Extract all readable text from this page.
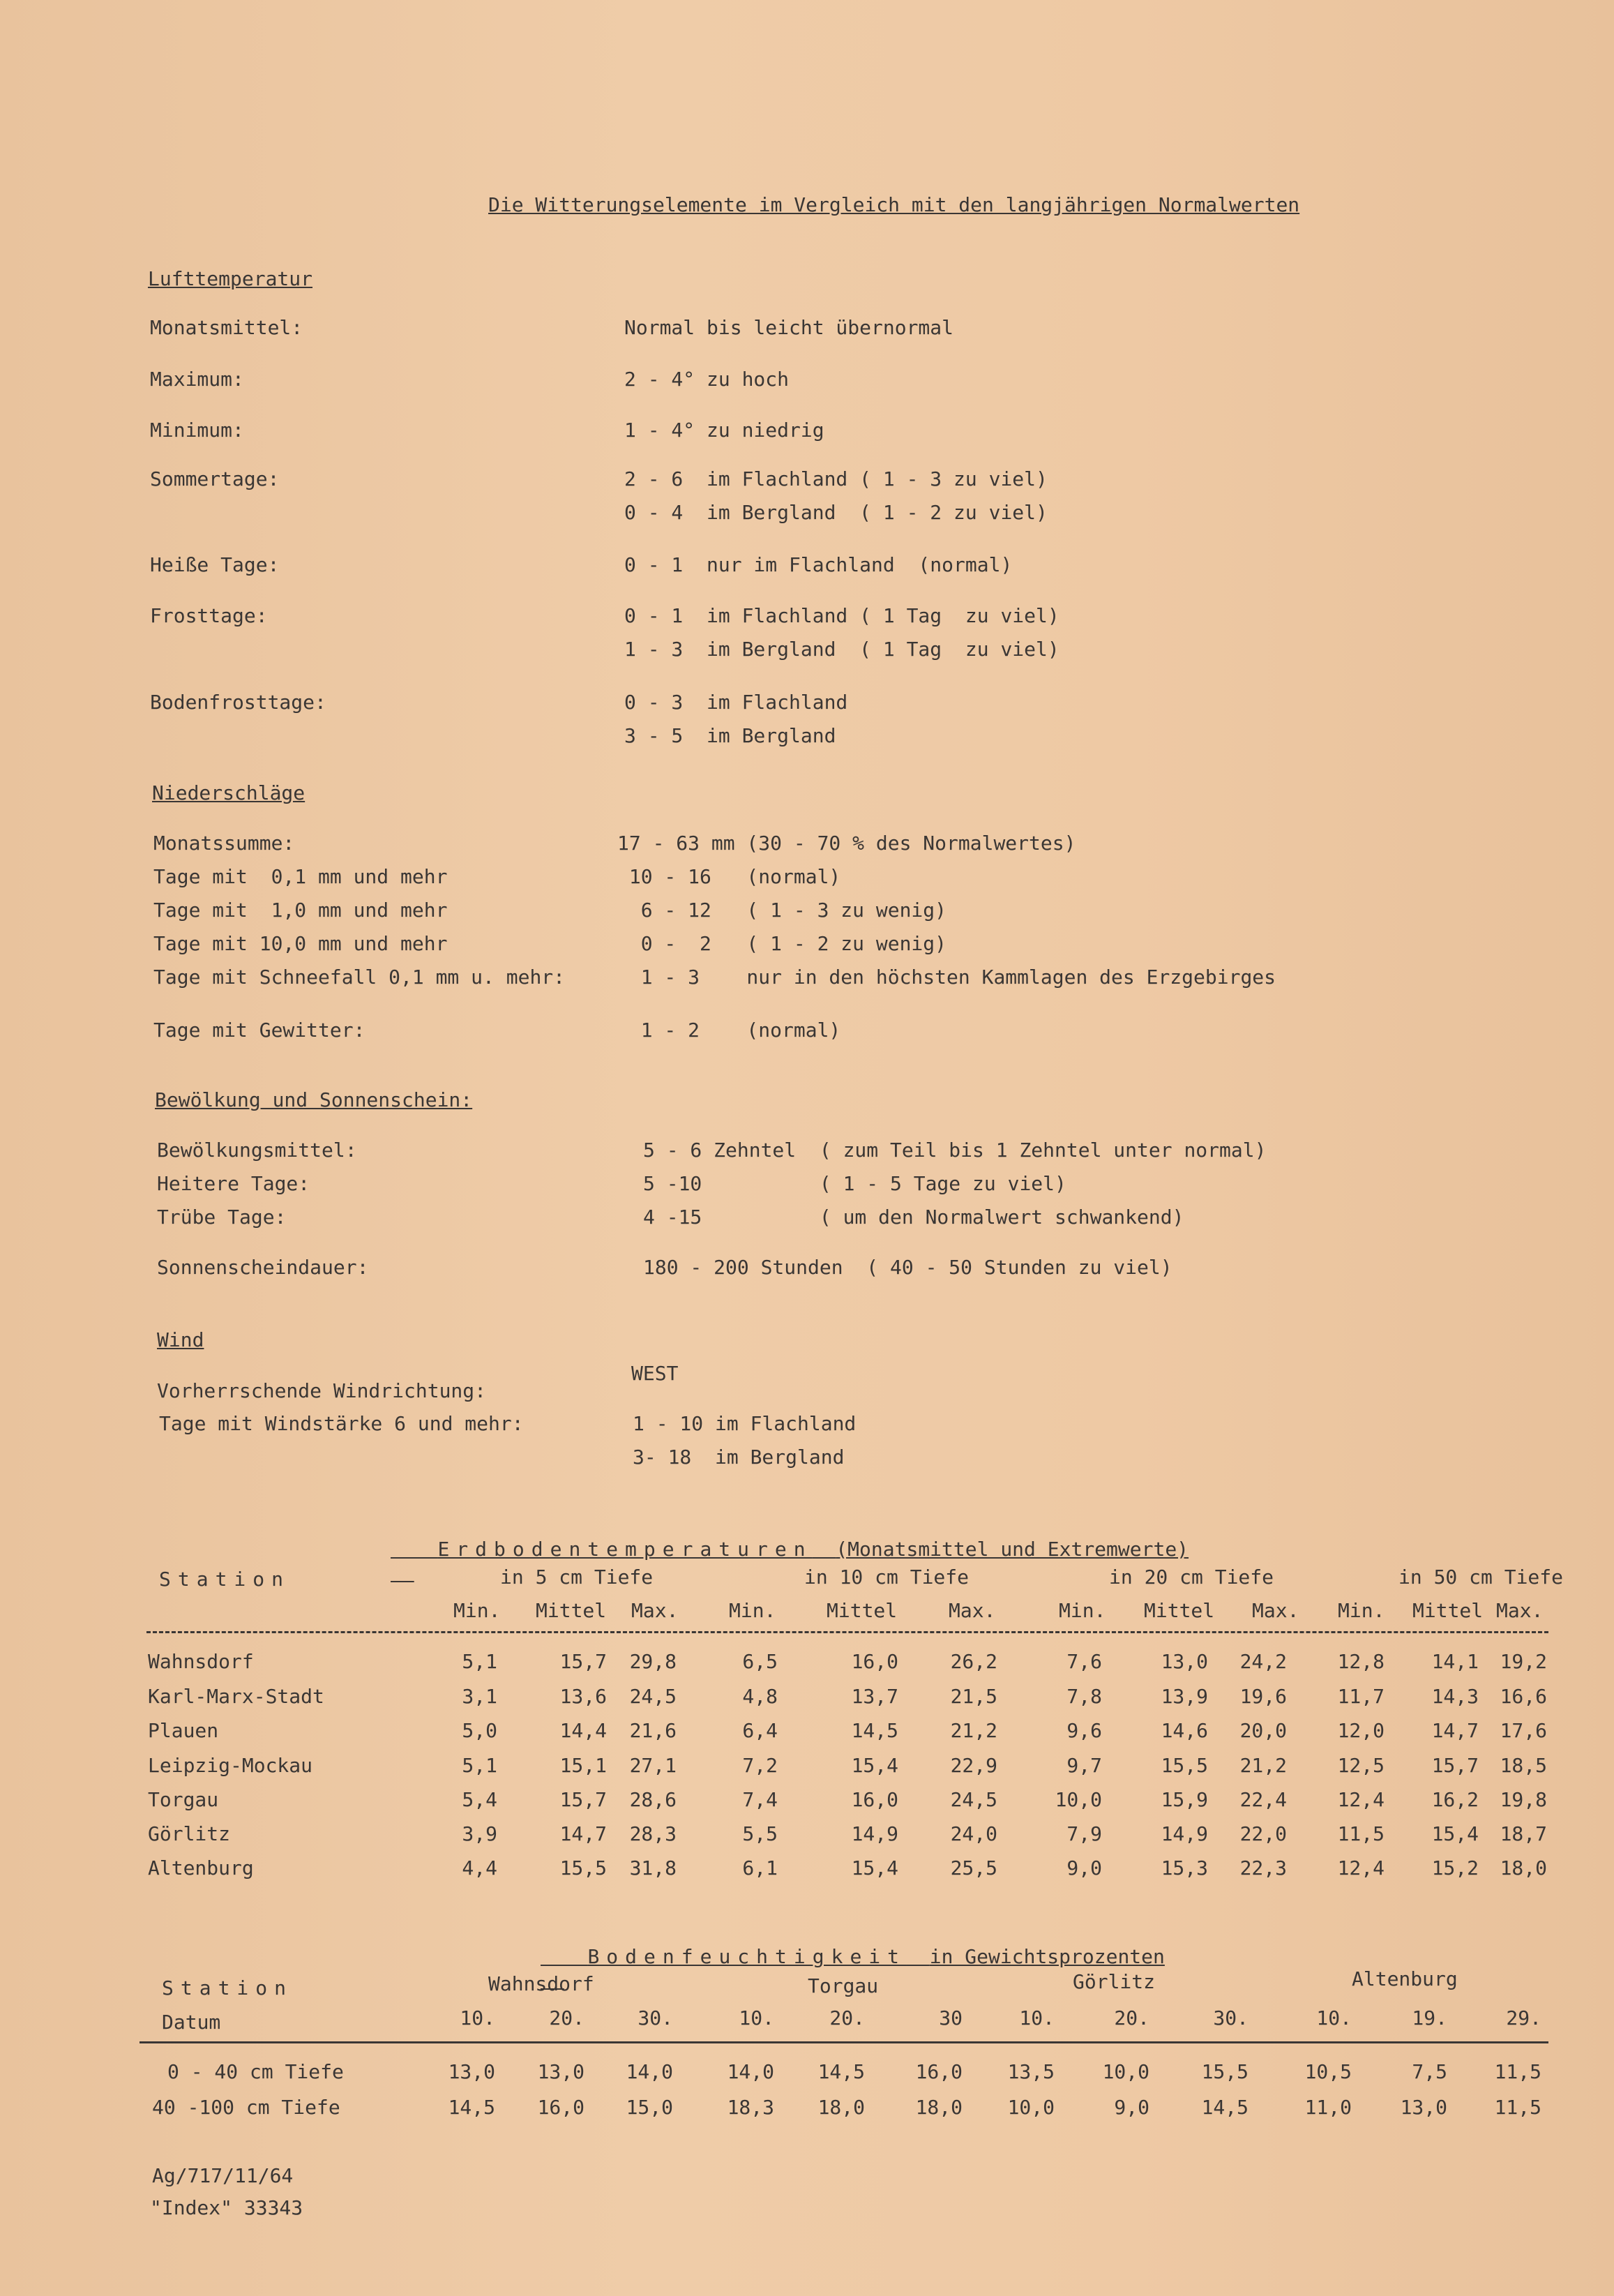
Die Witterungselemente im Vergleich mit den langjährigen Normalwerten
Lufttemperatur
Monatsmittel:	Normal bis leicht übernormal
Maximum:	2 - 4° zu hoch
Minimum:	1 - 4° zu niedrig
Sommertage:	2 - 6  im Flachland ( 1 - 3 zu viel)
0 - 4  im Bergland  ( 1 - 2 zu viel)
Heiße Tage:	0 - 1  nur im Flachland  (normal)
Frosttage:	0 - 1  im Flachland ( 1 Tag  zu viel)
1 - 3  im Bergland  ( 1 Tag  zu viel)
Bodenfrosttage:	0 - 3  im Flachland
3 - 5  im Bergland
Niederschläge
Monatssumme:	17 - 63 mm (30 - 70 % des Normalwertes)
Tage mit  0,1 mm und mehr	10 - 16   (normal)
Tage mit  1,0 mm und mehr	6 - 12   ( 1 - 3 zu wenig)
Tage mit 10,0 mm und mehr	0 -  2   ( 1 - 2 zu wenig)
Tage mit Schneefall 0,1 mm u. mehr:	1 - 3    nur in den höchsten Kammlagen des Erzgebirges
Tage mit Gewitter:	1 - 2    (normal)
Bewölkung und Sonnenschein:
Bewölkungsmittel:	5 - 6 Zehntel  ( zum Teil bis 1 Zehntel unter normal)
Heitere Tage:	5 -10          ( 1 - 5 Tage zu viel)
Trübe Tage:	4 -15          ( um den Normalwert schwankend)
Sonnenscheindauer:	180 - 200 Stunden  ( 40 - 50 Stunden zu viel)
Wind
WEST
Vorherrschende Windrichtung:
Tage mit Windstärke 6 und mehr:	1 - 10 im Flachland
3- 18  im Bergland

Erdbodentemperaturen (Monatsmittel und Extremwerte)

Station	in 5 cm Tiefe	in 10 cm Tiefe	in 20 cm Tiefe	in 50 cm Tiefe
Min. Mittel Max.	Min.	Mittel	Max.	Min. Mittel Max. Min. Mittel Max.
Wahnsdorf	5,1	15,7	29,8	6,5	16,0	26,2	7,6	13,0	24,2	12,8	14,1	19,2
Karl-Marx-Stadt	3,1	13,6	24,5	4,8	13,7	21,5	7,8	13,9	19,6	11,7	14,3	16,6
Plauen	5,0	14,4	21,6	6,4	14,5	21,2	9,6	14,6	20,0	12,0	14,7	17,6
Leipzig-Mockau	5,1	15,1	27,1	7,2	15,4	22,9	9,7	15,5	21,2	12,5	15,7	18,5
Torgau	5,4	15,7	28,6	7,4	16,0	24,5	10,0	15,9	22,4	12,4	16,2	19,8
Görlitz	3,9	14,7	28,3	5,5	14,9	24,0	7,9	14,9	22,0	11,5	15,4	18,7
Altenburg	4,4	15,5	31,8	6,1	15,4	25,5	9,0	15,3	22,3	12,4	15,2	18,0

Bodenfeuchtigkeit in Gewichtsprozenten

Station
Datum
Wahnsdorf	Torgau	Görlitz	Altenburg
10.	20.	30.	10.	20.	30	10.	20.	30.	10.	19.	29.
0 - 40 cm Tiefe	13,0	13,0	14,0	14,0	14,5	16,0	13,5	10,0	15,5	10,5	7,5	11,5
40 -100 cm Tiefe	14,5	16,0	15,0	18,3	18,0	18,0	10,0	9,0	14,5	11,0	13,0	11,5
Ag/717/11/64
"Index" 33343
